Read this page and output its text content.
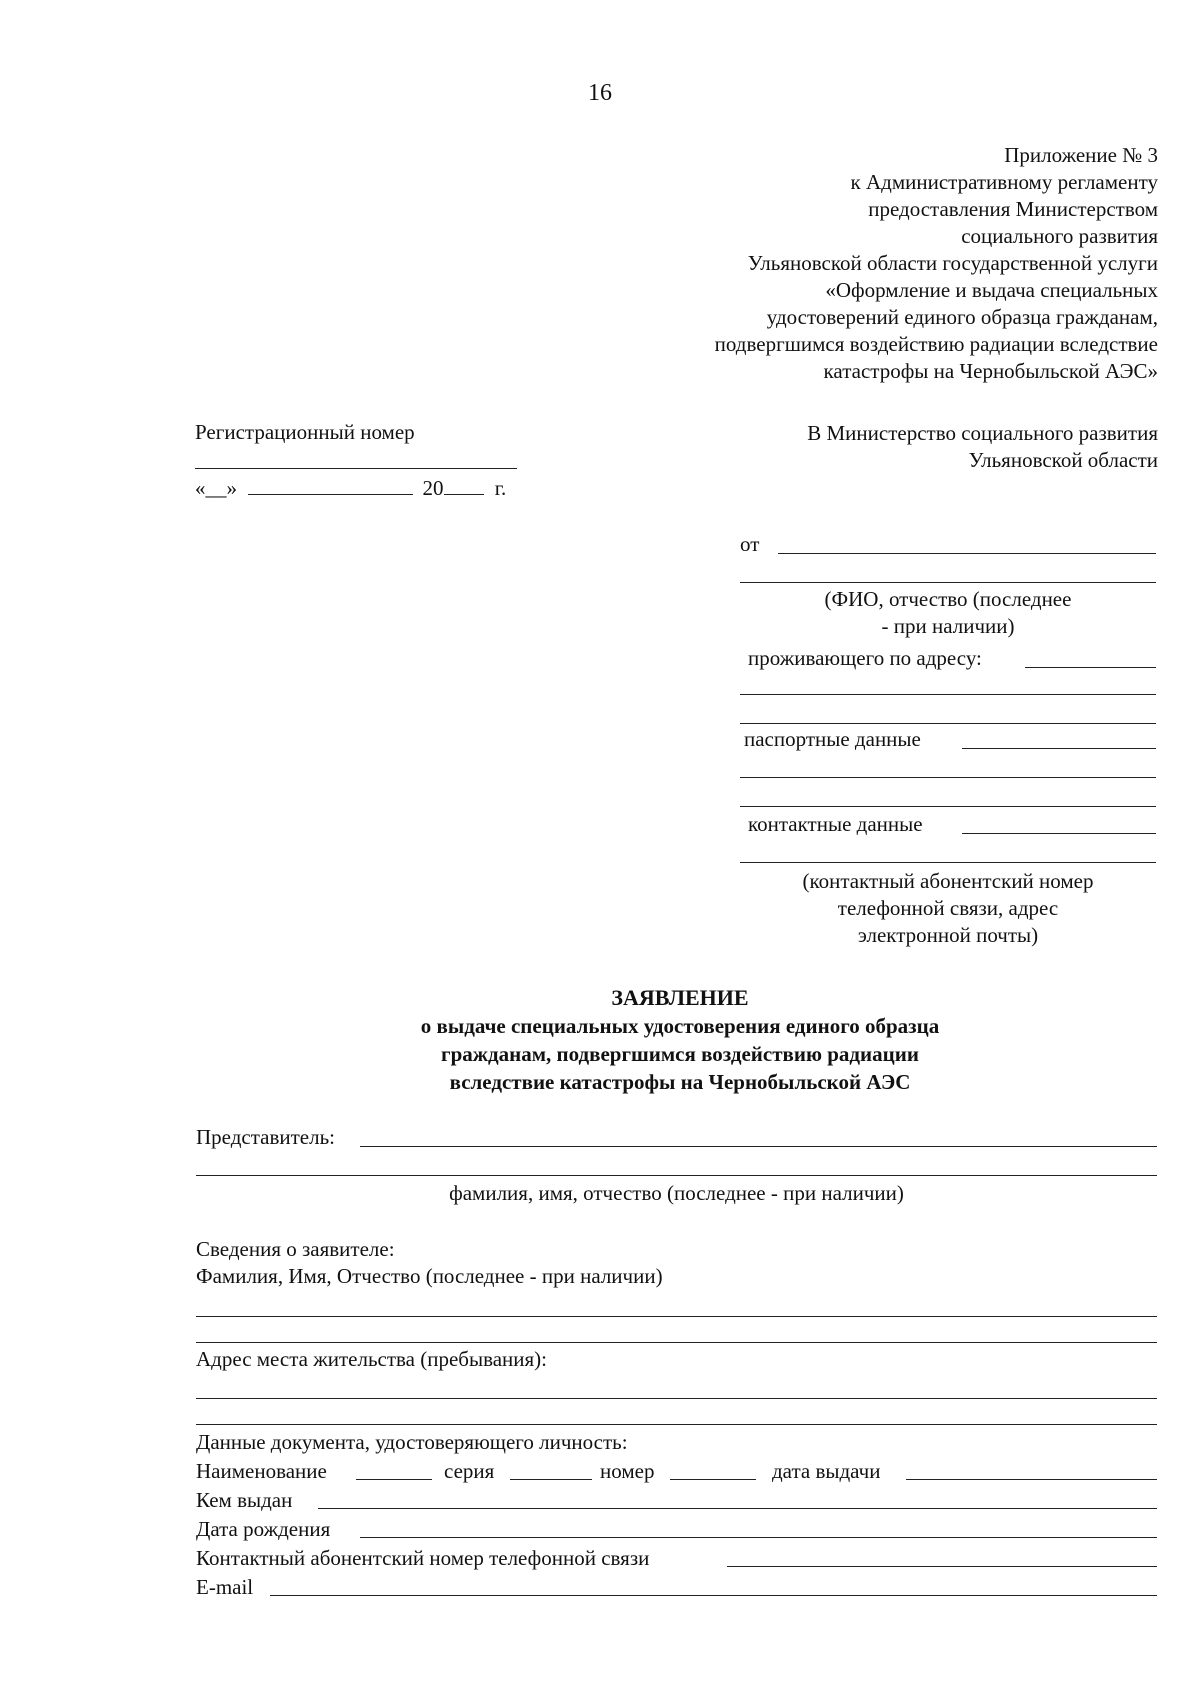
16
Приложение № 3
к Административному регламенту
предоставления Министерством
социального развития
Ульяновской области государственной услуги
«Оформление и выдача специальных
удостоверений единого образца гражданам,
подвергшимся воздействию радиации вследствие
катастрофы на Чернобыльской АЭС»
Регистрационный номер
«__»	20 г.
В Министерство социального развития
Ульяновской области
от
(ФИО, отчество (последнее
- при наличии)
проживающего по адресу:
паспортные данные
контактные данные
(контактный абонентский номер
телефонной связи, адрес
электронной почты)
ЗАЯВЛЕНИЕ
о выдаче специальных удостоверения единого образца
гражданам, подвергшимся воздействию радиации
вследствие катастрофы на Чернобыльской АЭС
Представитель:
фамилия, имя, отчество (последнее - при наличии)
Сведения о заявителе:
Фамилия, Имя, Отчество (последнее - при наличии)
Адрес места жительства (пребывания):
Данные документа, удостоверяющего личность:
Наименование	серия	номер	дата выдачи
Кем выдан
Дата рождения
Контактный абонентский номер телефонной связи
E-mail
